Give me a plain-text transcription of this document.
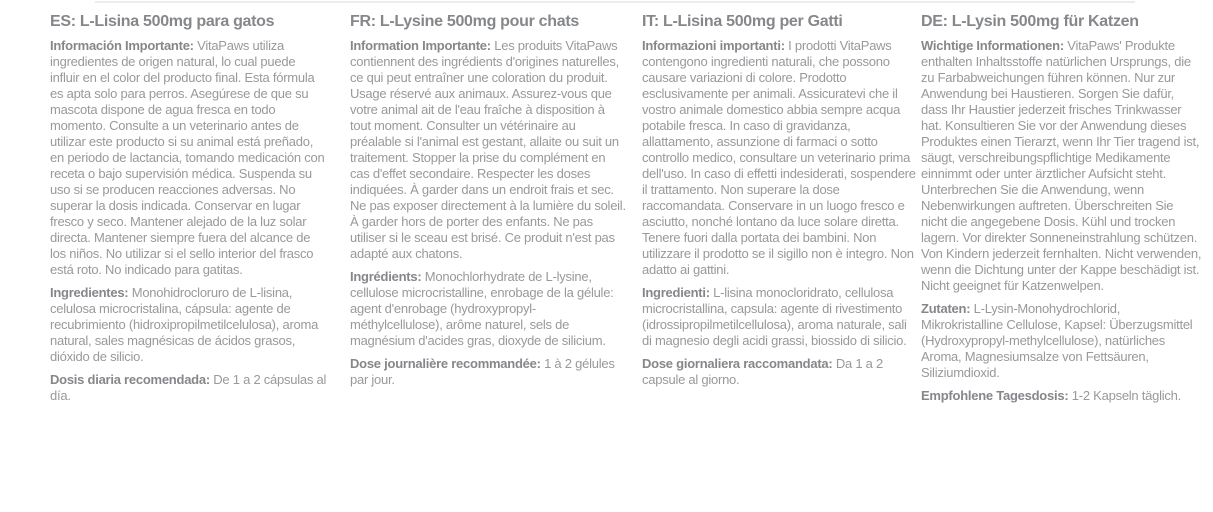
ES: L-Lisina 500mg para gatos

Información Importante: VitaPaws utiliza ingredientes de origen natural, lo cual puede influir en el color del producto final. Esta fórmula es apta solo para perros. Asegúrese de que su mascota dispone de agua fresca en todo momento. Consulte a un veterinario antes de utilizar este producto si su animal está preñado, en periodo de lactancia, tomando medicación con receta o bajo supervisión médica. Suspenda su uso si se producen reacciones adversas. No superar la dosis indicada. Conservar en lugar fresco y seco. Mantener alejado de la luz solar directa. Mantener siempre fuera del alcance de los niños. No utilizar si el sello interior del frasco está roto. No indicado para gatitas.

Ingredientes: Monohidrocloruro de L-lisina, celulosa microcristalina, cápsula: agente de recubrimiento (hidroxipropilmetilcelulosa), aroma natural, sales magnésicas de ácidos grasos, dióxido de silicio.

Dosis diaria recomendada: De 1 a 2 cápsulas al día.

FR: L-Lysine 500mg pour chats

Information Importante: Les produits VitaPaws contiennent des ingrédients d'origines naturelles, ce qui peut entraîner une coloration du produit. Usage réservé aux animaux. Assurez-vous que votre animal ait de l'eau fraîche à disposition à tout moment. Consulter un vétérinaire au préalable si l'animal est gestant, allaite ou suit un traitement. Stopper la prise du complément en cas d'effet secondaire. Respecter les doses indiquées. À garder dans un endroit frais et sec. Ne pas exposer directement à la lumière du soleil. À garder hors de porter des enfants. Ne pas utiliser si le sceau est brisé. Ce produit n'est pas adapté aux chatons.

Ingrédients: Monochlorhydrate de L-lysine, cellulose microcristalline, enrobage de la gélule: agent d'enrobage (hydroxypropyl-méthylcellulose), arôme naturel, sels de magnésium d'acides gras, dioxyde de silicium.

Dose journalière recommandée: 1 à 2 gélules par jour.

IT: L-Lisina 500mg per Gatti

Informazioni importanti: I prodotti VitaPaws contengono ingredienti naturali, che possono causare variazioni di colore. Prodotto esclusivamente per animali. Assicuratevi che il vostro animale domestico abbia sempre acqua potabile fresca. In caso di gravidanza, allattamento, assunzione di farmaci o sotto controllo medico, consultare un veterinario prima dell'uso. In caso di effetti indesiderati, sospendere il trattamento. Non superare la dose raccomandata. Conservare in un luogo fresco e asciutto, nonché lontano da luce solare diretta. Tenere fuori dalla portata dei bambini. Non utilizzare il prodotto se il sigillo non è integro. Non adatto ai gattini.

Ingredienti: L-lisina monocloridrato, cellulosa microcristallina, capsula: agente di rivestimento (idrossipropilmetilcellulosa), aroma naturale, sali di magnesio degli acidi grassi, biossido di silicio.

Dose giornaliera raccomandata: Da 1 a 2 capsule al giorno.

DE: L-Lysin 500mg für Katzen

Wichtige Informationen: VitaPaws' Produkte enthalten Inhaltsstoffe natürlichen Ursprungs, die zu Farbabweichungen führen können. Nur zur Anwendung bei Haustieren. Sorgen Sie dafür, dass Ihr Haustier jederzeit frisches Trinkwasser hat. Konsultieren Sie vor der Anwendung dieses Produktes einen Tierarzt, wenn Ihr Tier tragend ist, säugt, verschreibungspflichtige Medikamente einnimmt oder unter ärztlicher Aufsicht steht. Unterbrechen Sie die Anwendung, wenn Nebenwirkungen auftreten. Überschreiten Sie nicht die angegebene Dosis. Kühl und trocken lagern. Vor direkter Sonneneinstrahlung schützen. Von Kindern jederzeit fernhalten. Nicht verwenden, wenn die Dichtung unter der Kappe beschädigt ist. Nicht geeignet für Katzenwelpen.

Zutaten: L-Lysin-Monohydrochlorid, Mikrokristalline Cellulose, Kapsel: Überzugsmittel (Hydroxypropyl-methylcellulose), natürliches Aroma, Magnesiumsalze von Fettsäuren, Siliziumdioxid.

Empfohlene Tagesdosis: 1-2 Kapseln täglich.
